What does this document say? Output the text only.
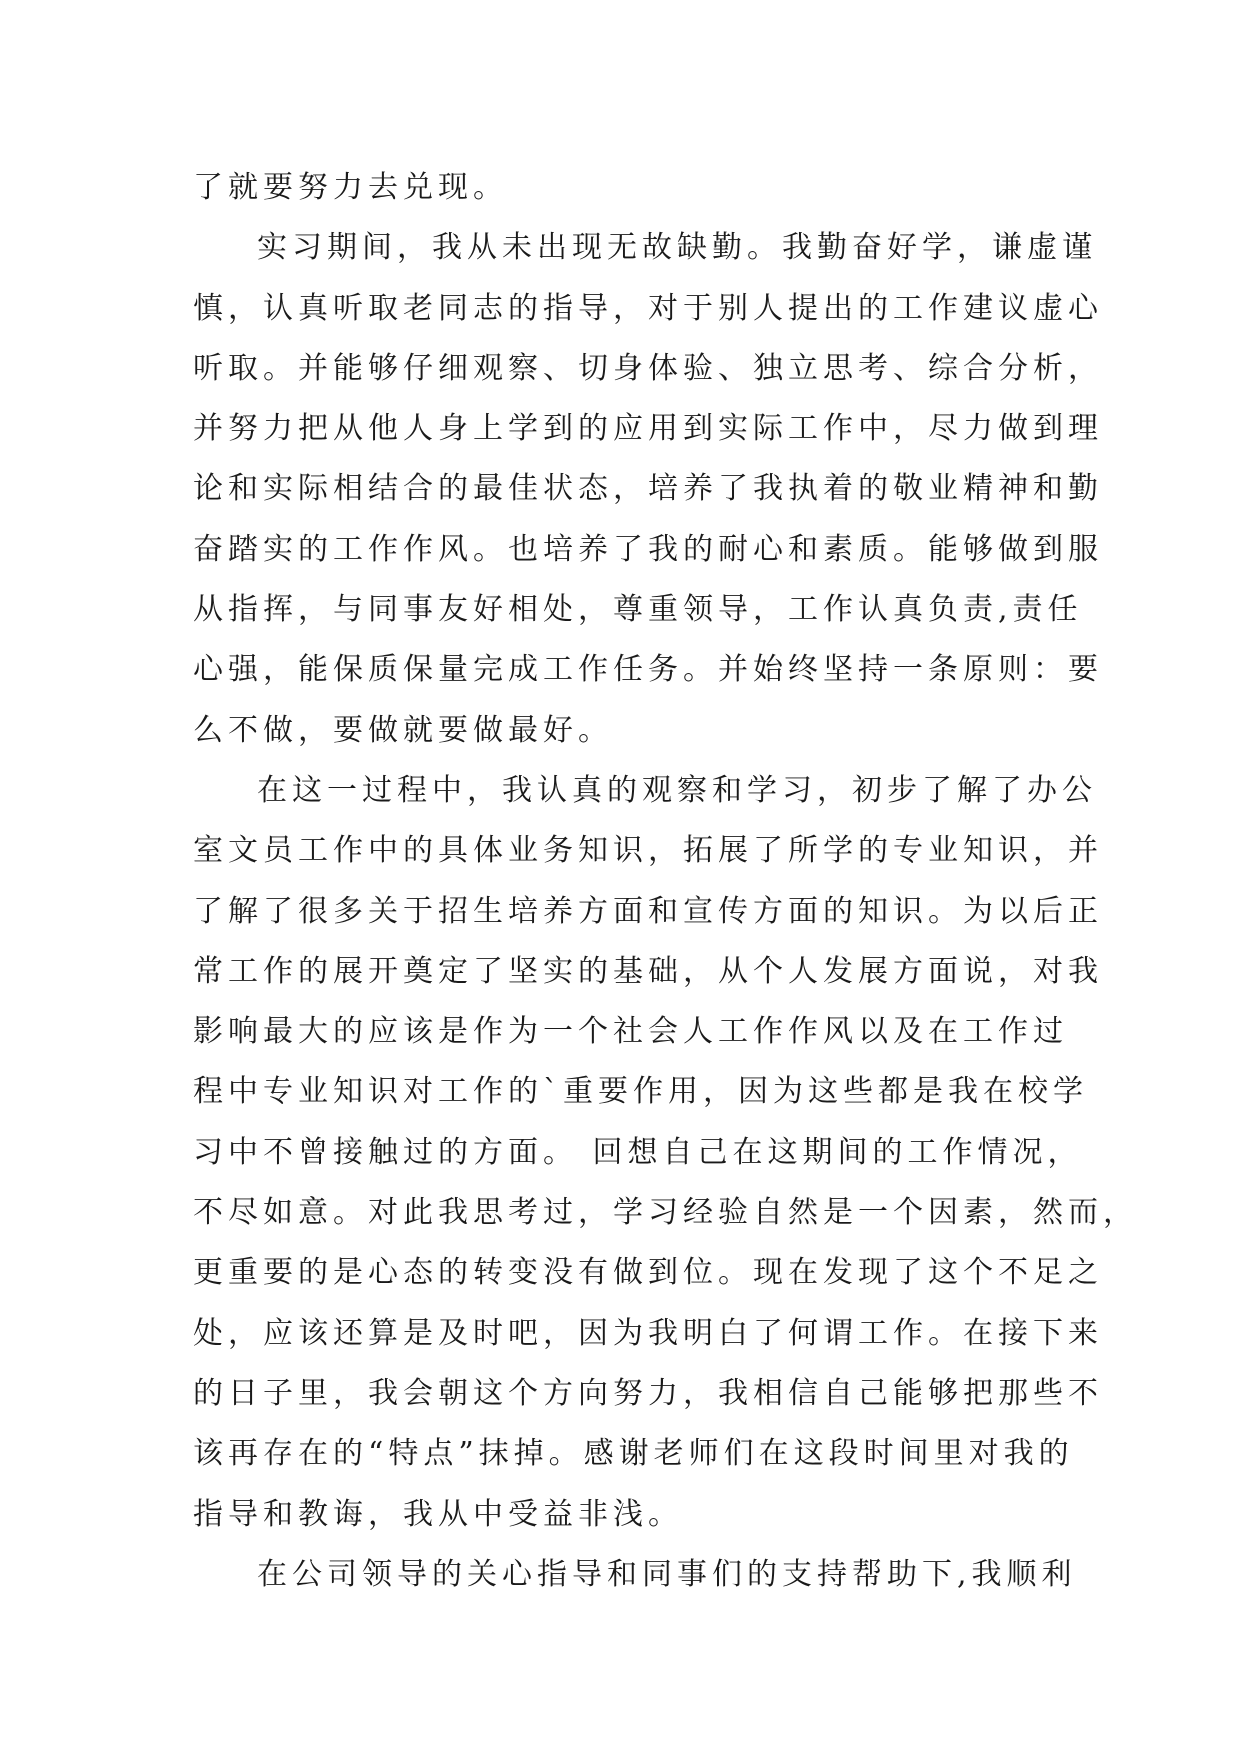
了就要努力去兑现。
实习期间，我从未出现无故缺勤。我勤奋好学，谦虚谨
慎，认真听取老同志的指导，对于别人提出的工作建议虚心
听取。并能够仔细观察、切身体验、独立思考、综合分析，
并努力把从他人身上学到的应用到实际工作中，尽力做到理
论和实际相结合的最佳状态，培养了我执着的敬业精神和勤
奋踏实的工作作风。也培养了我的耐心和素质。能够做到服
从指挥，与同事友好相处，尊重领导，工作认真负责,责任
心强，能保质保量完成工作任务。并始终坚持一条原则：要
么不做，要做就要做最好。
在这一过程中，我认真的观察和学习，初步了解了办公
室文员工作中的具体业务知识，拓展了所学的专业知识，并
了解了很多关于招生培养方面和宣传方面的知识。为以后正
常工作的展开奠定了坚实的基础，从个人发展方面说，对我
影响最大的应该是作为一个社会人工作作风以及在工作过
程中专业知识对工作的`重要作用，因为这些都是我在校学
习中不曾接触过的方面。 回想自己在这期间的工作情况，
不尽如意。对此我思考过，学习经验自然是一个因素，然而，
更重要的是心态的转变没有做到位。现在发现了这个不足之
处，应该还算是及时吧，因为我明白了何谓工作。在接下来
的日子里，我会朝这个方向努力，我相信自己能够把那些不
该再存在的“特点”抹掉。感谢老师们在这段时间里对我的
指导和教诲，我从中受益非浅。
在公司领导的关心指导和同事们的支持帮助下,我顺利
